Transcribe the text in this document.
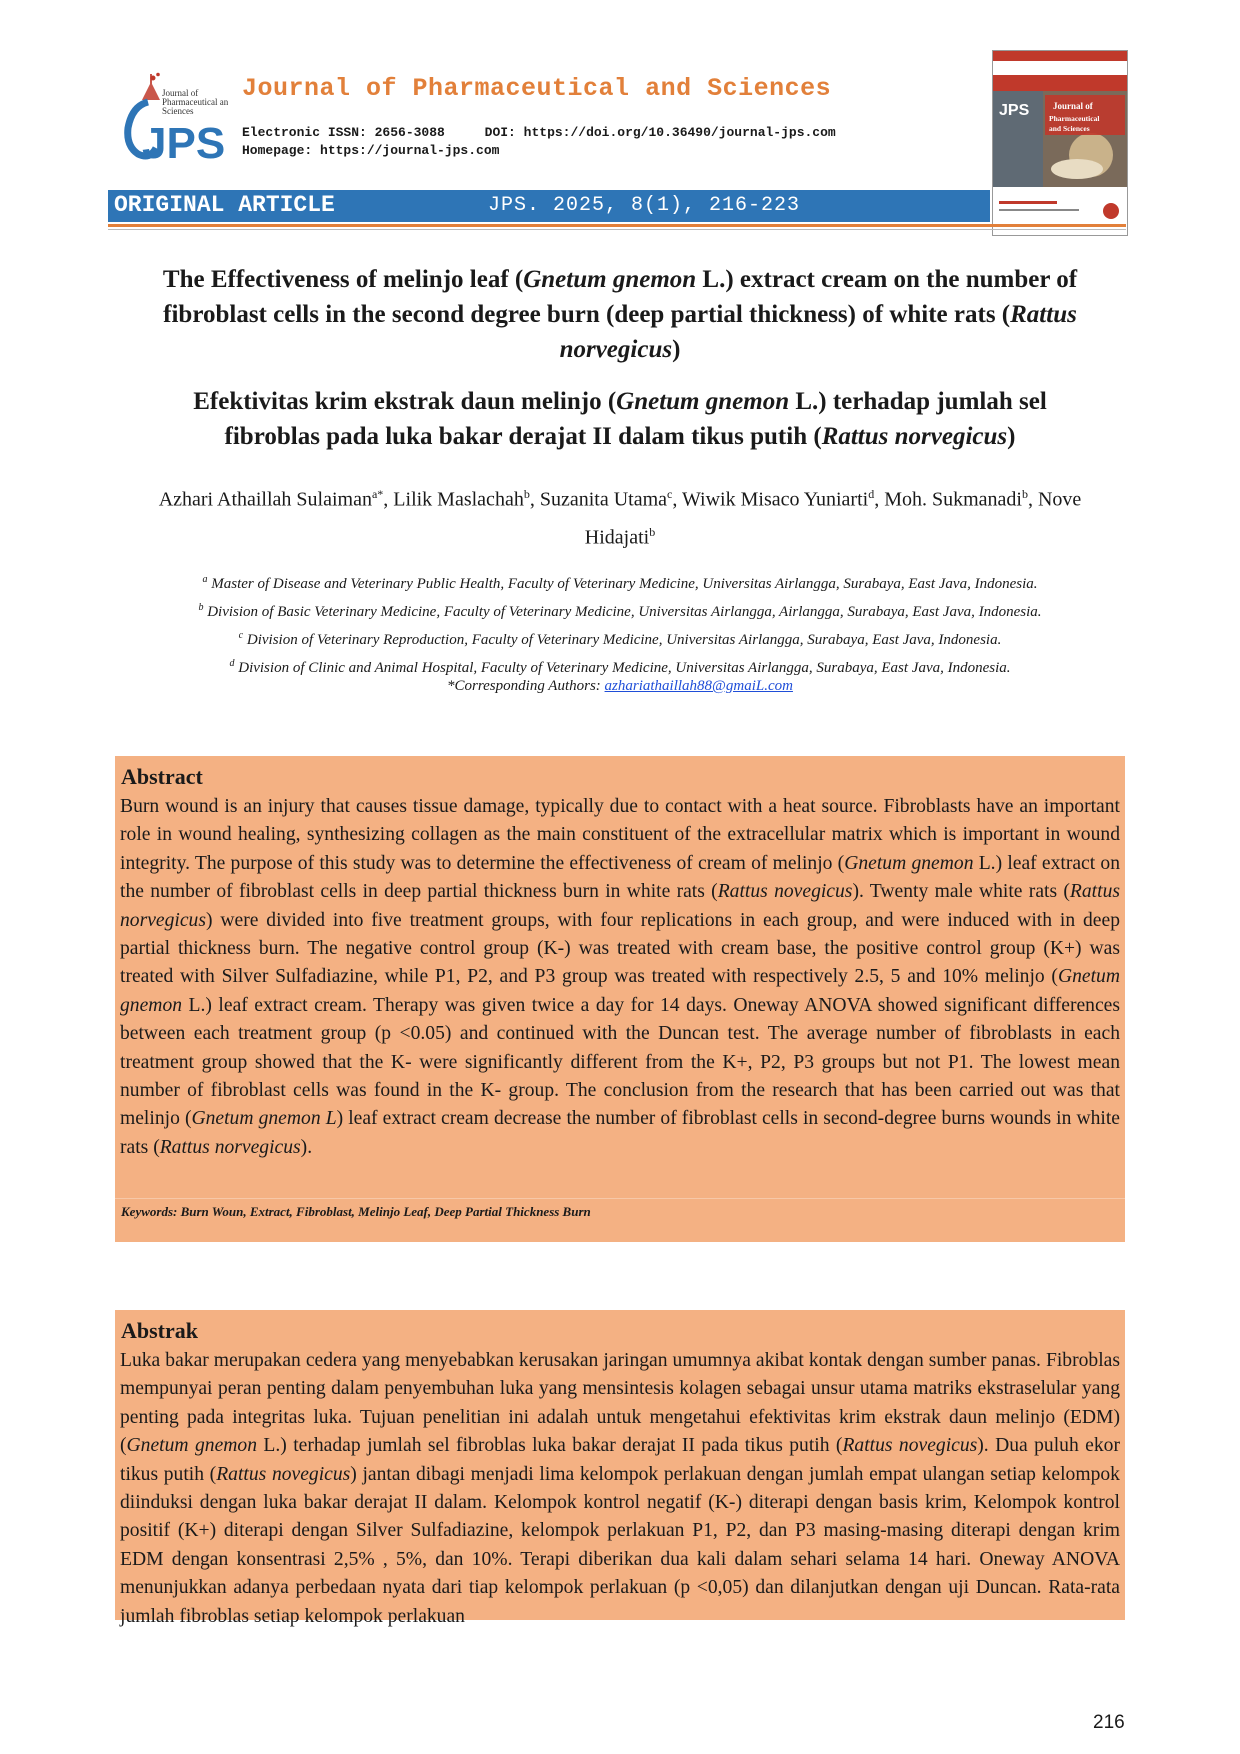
JPS
Journal of Pharmaceutical and Sciences
Journal of Pharmaceutical and Sciences
Electronic ISSN: 2656-3088	DOI: https://doi.org/10.36490/journal-jps.com
Homepage: https://journal-jps.com
Journal of
Pharmaceutical
and Sciences
JPS
ORIGINAL ARTICLE	JPS. 2025, 8(1), 216-223
The Effectiveness of melinjo leaf (Gnetum gnemon L.) extract cream on the number of fibroblast cells in the second degree burn (deep partial thickness) of white rats (Rattus norvegicus)
Efektivitas krim ekstrak daun melinjo (Gnetum gnemon L.) terhadap jumlah sel fibroblas pada luka bakar derajat II dalam tikus putih (Rattus norvegicus)
Azhari Athaillah Sulaiman$^{a*}$, Lilik Maslachah$^b$, Suzanita Utama$^c$, Wiwik Misaco Yuniarti$^d$, Moh. Sukmanadi$^b$, Nove Hidajati$^b$
$^a$ Master of Disease and Veterinary Public Health, Faculty of Veterinary Medicine, Universitas Airlangga, Surabaya, East Java, Indonesia.
$^b$ Division of Basic Veterinary Medicine, Faculty of Veterinary Medicine, Universitas Airlangga, Airlangga, Surabaya, East Java, Indonesia.
$^c$ Division of Veterinary Reproduction, Faculty of Veterinary Medicine, Universitas Airlangga, Surabaya, East Java, Indonesia.
$^d$ Division of Clinic and Animal Hospital, Faculty of Veterinary Medicine, Universitas Airlangga, Surabaya, East Java, Indonesia.
*Corresponding Authors: azhariathaillah88@gmaiL.com
Abstract
Burn wound is an injury that causes tissue damage, typically due to contact with a heat source. Fibroblasts have an important role in wound healing, synthesizing collagen as the main constituent of the extracellular matrix which is important in wound integrity. The purpose of this study was to determine the effectiveness of cream of melinjo (Gnetum gnemon L.) leaf extract on the number of fibroblast cells in deep partial thickness burn in white rats (Rattus novegicus). Twenty male white rats (Rattus norvegicus) were divided into five treatment groups, with four replications in each group, and were induced with in deep partial thickness burn. The negative control group (K-) was treated with cream base, the positive control group (K+) was treated with Silver Sulfadiazine, while P1, P2, and P3 group was treated with respectively 2.5, 5 and 10% melinjo (Gnetum gnemon L.) leaf extract cream. Therapy was given twice a day for 14 days. Oneway ANOVA showed significant differences between each treatment group (p <0.05) and continued with the Duncan test. The average number of fibroblasts in each treatment group showed that the K- were significantly different from the K+, P2, P3 groups but not P1. The lowest mean number of fibroblast cells was found in the K- group. The conclusion from the research that has been carried out was that melinjo (Gnetum gnemon L) leaf extract cream decrease the number of fibroblast cells in second-degree burns wounds in white rats (Rattus norvegicus).
Keywords: Burn Woun, Extract, Fibroblast, Melinjo Leaf, Deep Partial Thickness Burn
Abstrak
Luka bakar merupakan cedera yang menyebabkan kerusakan jaringan umumnya akibat kontak dengan sumber panas. Fibroblas mempunyai peran penting dalam penyembuhan luka yang mensintesis kolagen sebagai unsur utama matriks ekstraselular yang penting pada integritas luka. Tujuan penelitian ini adalah untuk mengetahui efektivitas krim ekstrak daun melinjo (EDM) (Gnetum gnemon L.) terhadap jumlah sel fibroblas luka bakar derajat II pada tikus putih (Rattus novegicus). Dua puluh ekor tikus putih (Rattus novegicus) jantan dibagi menjadi lima kelompok perlakuan dengan jumlah empat ulangan setiap kelompok diinduksi dengan luka bakar derajat II dalam. Kelompok kontrol negatif (K-) diterapi dengan basis krim, Kelompok kontrol positif (K+) diterapi dengan Silver Sulfadiazine, kelompok perlakuan P1, P2, dan P3 masing-masing diterapi dengan krim EDM dengan konsentrasi 2,5% , 5%, dan 10%. Terapi diberikan dua kali dalam sehari selama 14 hari. Oneway ANOVA menunjukkan adanya perbedaan nyata dari tiap kelompok perlakuan (p <0,05) dan dilanjutkan dengan uji Duncan. Rata-rata jumlah fibroblas setiap kelompok perlakuan
216
